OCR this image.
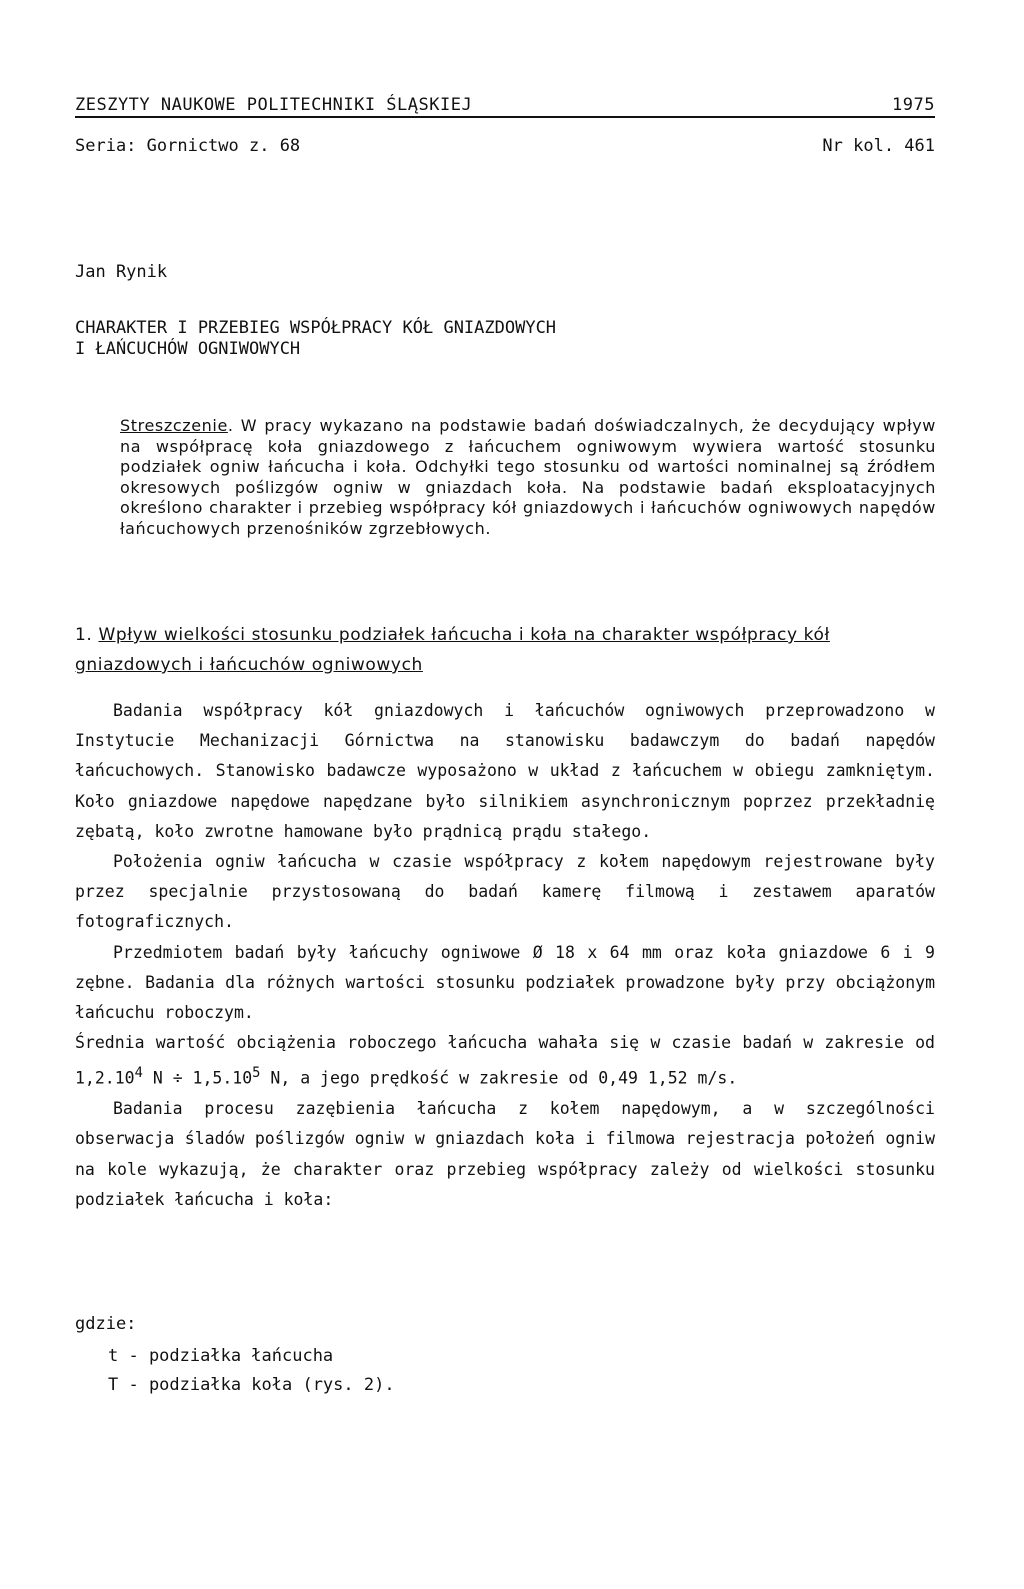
ZESZYTY NAUKOWE POLITECHNIKI ŚLĄSKIEJ	1975
Seria: Gornictwo z. 68	Nr kol. 461
Jan Rynik
CHARAKTER I PRZEBIEG WSPÓŁPRACY KÓŁ GNIAZDOWYCH
I ŁAŃCUCHÓW OGNIWOWYCH
Streszczenie. W pracy wykazano na podstawie badań doświadczalnych, że decydujący wpływ na współpracę koła gniazdowego z łańcuchem ogniwowym wywiera wartość stosunku podziałek ogniw łańcucha i koła. Odchyłki tego stosunku od wartości nominalnej są źródłem okresowych poślizgów ogniw w gniazdach koła. Na podstawie badań eksploatacyjnych określono charakter i przebieg współpracy kół gniazdowych i łańcuchów ogniwowych napędów łańcuchowych przenośników zgrzebłowych.
1. Wpływ wielkości stosunku podziałek łańcucha i koła na charakter współpracy kół gniazdowych i łańcuchów ogniwowych

Badania współpracy kół gniazdowych i łańcuchów ogniwowych przeprowadzono w Instytucie Mechanizacji Górnictwa na stanowisku badawczym do badań napędów łańcuchowych. Stanowisko badawcze wyposażono w układ z łańcuchem w obiegu zamkniętym. Koło gniazdowe napędowe napędzane było silnikiem asynchronicznym poprzez przekładnię zębatą, koło zwrotne hamowane było prądnicą prądu stałego.

Położenia ogniw łańcucha w czasie współpracy z kołem napędowym rejestrowane były przez specjalnie przystosowaną do badań kamerę filmową i zestawem aparatów fotograficznych.

Przedmiotem badań były łańcuchy ogniwowe Ø 18 x 64 mm oraz koła gniazdowe 6 i 9 zębne. Badania dla różnych wartości stosunku podziałek prowadzone były przy obciążonym łańcuchu roboczym.

Średnia wartość obciążenia roboczego łańcucha wahała się w czasie badań w zakresie od 1,2.10$^4$ $N \div 1,5.10^5$ N, a jego prędkość w zakresie od 0,49 1,52 m/s.

Badania procesu zazębienia łańcucha z kołem napędowym, a w szczególności obserwacja śladów poślizgów ogniw w gniazdach koła i filmowa rejestracja położeń ogniw na kole wykazują, że charakter oraz przebieg współpracy zależy od wielkości stosunku podziałek łańcucha i koła:

gdzie:
t - podziałka łańcucha
T - podziałka koła (rys. 2).
